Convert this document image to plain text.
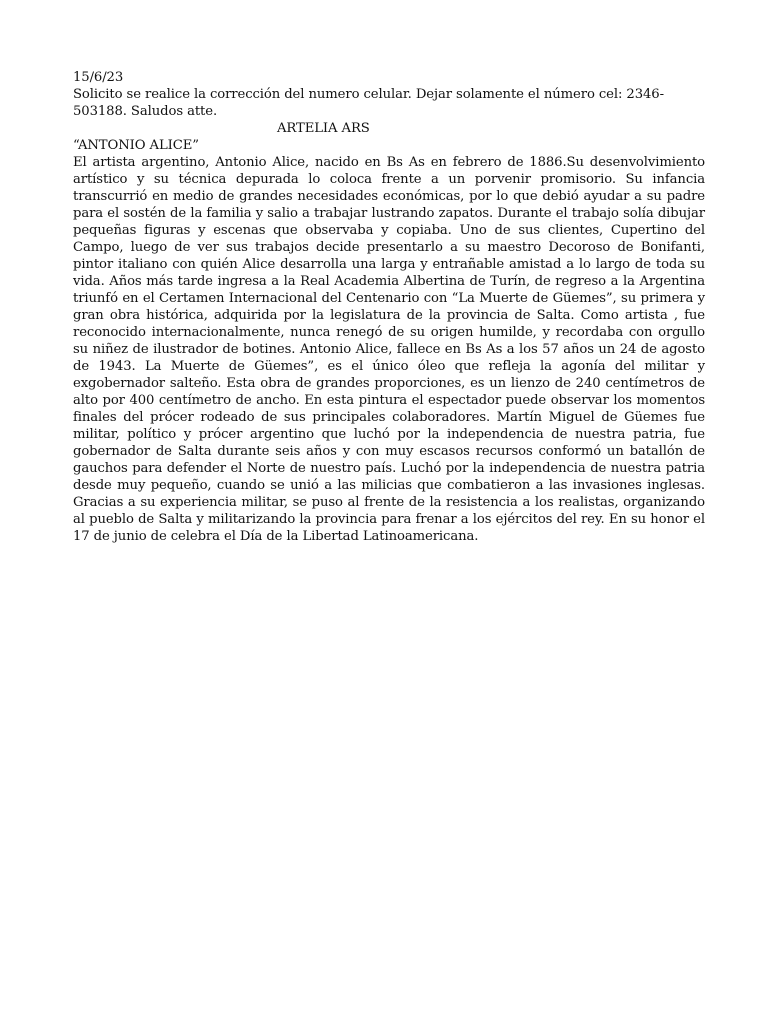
15/6/23
Solicito se realice la corrección del numero celular. Dejar solamente el número cel: 2346-503188. Saludos atte.
ARTELIA ARS
“ANTONIO ALICE”
El artista argentino, Antonio Alice, nacido en Bs As en febrero de 1886.Su desenvolvimiento artístico y su técnica depurada lo coloca frente a un porvenir promisorio. Su infancia transcurrió en medio de grandes necesidades económicas, por lo que debió ayudar a su padre para el sostén de la familia y salio a trabajar lustrando zapatos. Durante el trabajo solía dibujar pequeñas figuras y escenas que observaba y copiaba. Uno de sus clientes, Cupertino del Campo, luego de ver sus trabajos decide presentarlo a su maestro Decoroso de Bonifanti, pintor italiano con quién Alice desarrolla una larga y entrañable amistad a lo largo de toda su vida. Años más tarde ingresa a la Real Academia Albertina de Turín, de regreso a la Argentina triunfó en el Certamen Internacional del Centenario con “La Muerte de Güemes”, su primera y gran obra histórica, adquirida por la legislatura de la provincia de Salta. Como artista , fue reconocido internacionalmente, nunca renegó de su origen humilde, y recordaba con orgullo su niñez de ilustrador de botines. Antonio Alice, fallece en Bs As a los 57 años un 24 de agosto de 1943. La Muerte de Güemes”, es el único óleo que refleja la agonía del militar y exgobernador salteño. Esta obra de grandes proporciones, es un lienzo de 240 centímetros de alto por 400 centímetro de ancho. En esta pintura el espectador puede observar los momentos finales del prócer rodeado de sus principales colaboradores. Martín Miguel de Güemes fue militar, político y prócer argentino que luchó por la independencia de nuestra patria, fue gobernador de Salta durante seis años y con muy escasos recursos conformó un batallón de gauchos para defender el Norte de nuestro país. Luchó por la independencia de nuestra patria desde muy pequeño, cuando se unió a las milicias que combatieron a las invasiones inglesas. Gracias a su experiencia militar, se puso al frente de la resistencia a los realistas, organizando al pueblo de Salta y militarizando la provincia para frenar a los ejércitos del rey. En su honor el 17 de junio de celebra el Día de la Libertad Latinoamericana.
